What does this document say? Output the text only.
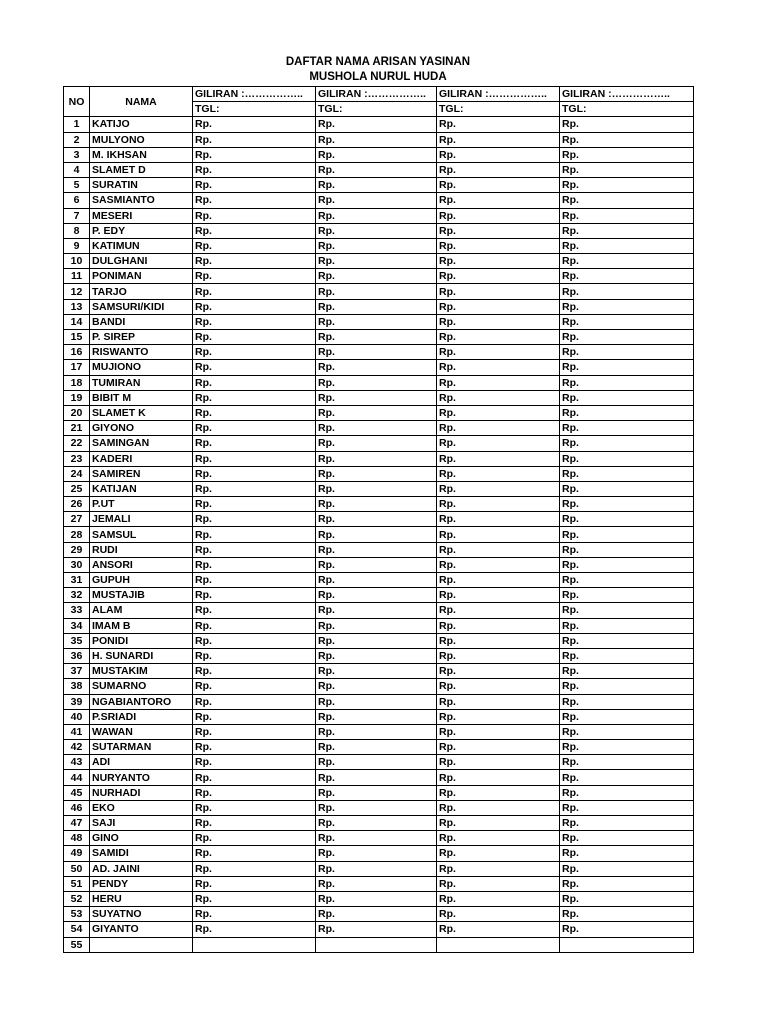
DAFTAR NAMA ARISAN YASINAN
MUSHOLA NURUL HUDA
NO	NAMA	GILIRAN :……………..	GILIRAN :……………..	GILIRAN :……………..	GILIRAN :……………..
		TGL:	TGL:	TGL:	TGL:
1	KATIJO	Rp.	Rp.	Rp.	Rp.
2	MULYONO	Rp.	Rp.	Rp.	Rp.
3	M. IKHSAN	Rp.	Rp.	Rp.	Rp.
4	SLAMET D	Rp.	Rp.	Rp.	Rp.
5	SURATIN	Rp.	Rp.	Rp.	Rp.
6	SASMIANTO	Rp.	Rp.	Rp.	Rp.
7	MESERI	Rp.	Rp.	Rp.	Rp.
8	P. EDY	Rp.	Rp.	Rp.	Rp.
9	KATIMUN	Rp.	Rp.	Rp.	Rp.
10	DULGHANI	Rp.	Rp.	Rp.	Rp.
11	PONIMAN	Rp.	Rp.	Rp.	Rp.
12	TARJO	Rp.	Rp.	Rp.	Rp.
13	SAMSURI/KIDI	Rp.	Rp.	Rp.	Rp.
14	BANDI	Rp.	Rp.	Rp.	Rp.
15	P. SIREP	Rp.	Rp.	Rp.	Rp.
16	RISWANTO	Rp.	Rp.	Rp.	Rp.
17	MUJIONO	Rp.	Rp.	Rp.	Rp.
18	TUMIRAN	Rp.	Rp.	Rp.	Rp.
19	BIBIT M	Rp.	Rp.	Rp.	Rp.
20	SLAMET K	Rp.	Rp.	Rp.	Rp.
21	GIYONO	Rp.	Rp.	Rp.	Rp.
22	SAMINGAN	Rp.	Rp.	Rp.	Rp.
23	KADERI	Rp.	Rp.	Rp.	Rp.
24	SAMIREN	Rp.	Rp.	Rp.	Rp.
25	KATIJAN	Rp.	Rp.	Rp.	Rp.
26	P.UT	Rp.	Rp.	Rp.	Rp.
27	JEMALI	Rp.	Rp.	Rp.	Rp.
28	SAMSUL	Rp.	Rp.	Rp.	Rp.
29	RUDI	Rp.	Rp.	Rp.	Rp.
30	ANSORI	Rp.	Rp.	Rp.	Rp.
31	GUPUH	Rp.	Rp.	Rp.	Rp.
32	MUSTAJIB	Rp.	Rp.	Rp.	Rp.
33	ALAM	Rp.	Rp.	Rp.	Rp.
34	IMAM B	Rp.	Rp.	Rp.	Rp.
35	PONIDI	Rp.	Rp.	Rp.	Rp.
36	H. SUNARDI	Rp.	Rp.	Rp.	Rp.
37	MUSTAKIM	Rp.	Rp.	Rp.	Rp.
38	SUMARNO	Rp.	Rp.	Rp.	Rp.
39	NGABIANTORO	Rp.	Rp.	Rp.	Rp.
40	P.SRIADI	Rp.	Rp.	Rp.	Rp.
41	WAWAN	Rp.	Rp.	Rp.	Rp.
42	SUTARMAN	Rp.	Rp.	Rp.	Rp.
43	ADI	Rp.	Rp.	Rp.	Rp.
44	NURYANTO	Rp.	Rp.	Rp.	Rp.
45	NURHADI	Rp.	Rp.	Rp.	Rp.
46	EKO	Rp.	Rp.	Rp.	Rp.
47	SAJI	Rp.	Rp.	Rp.	Rp.
48	GINO	Rp.	Rp.	Rp.	Rp.
49	SAMIDI	Rp.	Rp.	Rp.	Rp.
50	AD. JAINI	Rp.	Rp.	Rp.	Rp.
51	PENDY	Rp.	Rp.	Rp.	Rp.
52	HERU	Rp.	Rp.	Rp.	Rp.
53	SUYATNO	Rp.	Rp.	Rp.	Rp.
54	GIYANTO	Rp.	Rp.	Rp.	Rp.
55					
